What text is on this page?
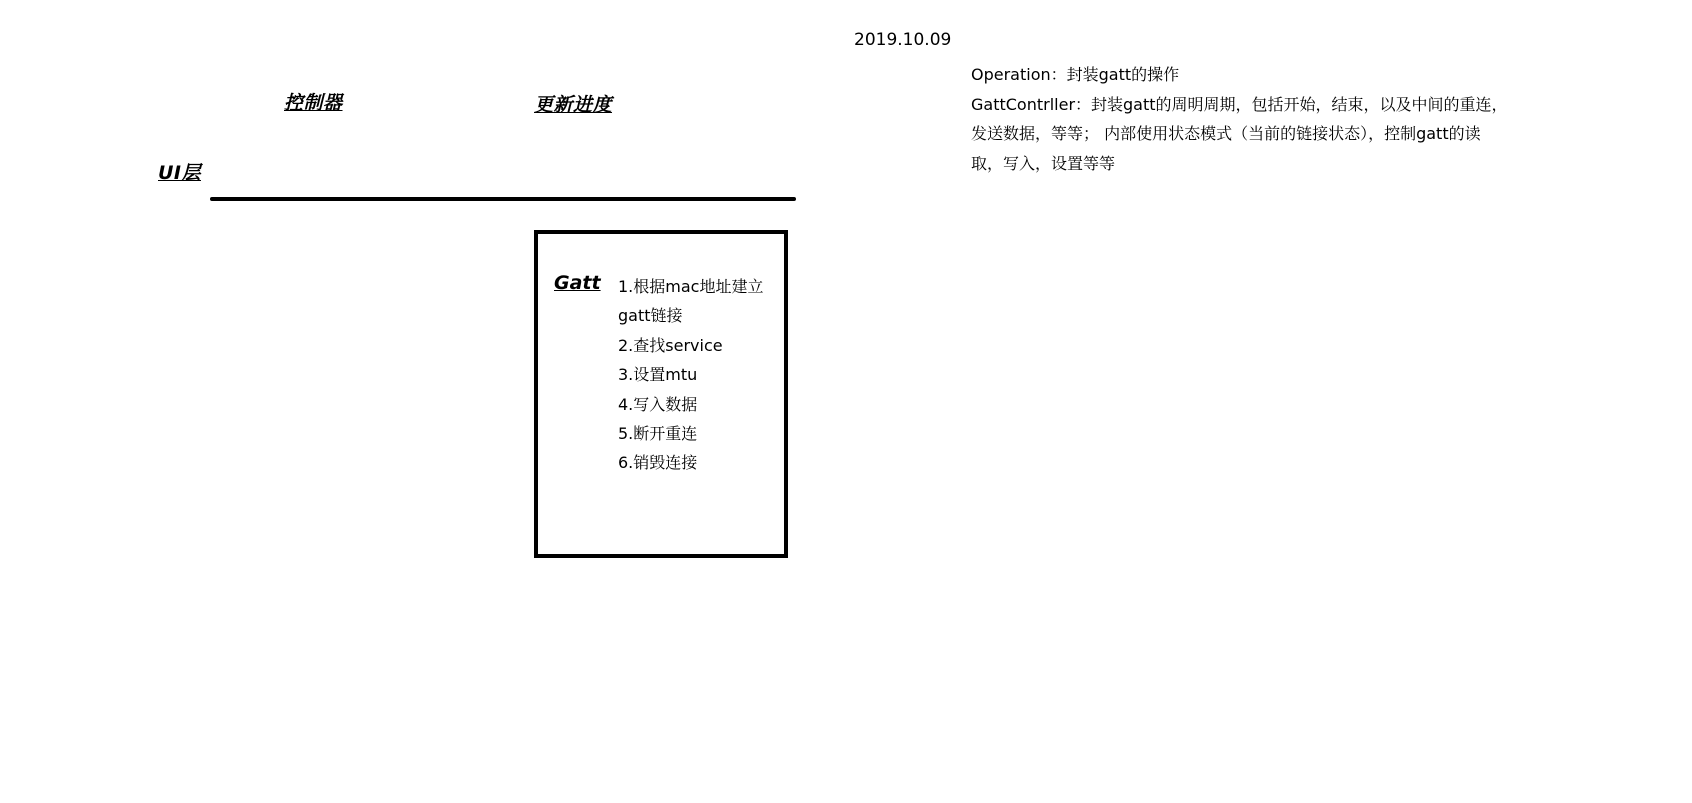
2019.10.09
控制器	更新进度
UI层
Gatt 1.根据mac地址建立
gatt链接
2.查找service
3.设置mtu
4.写入数据
5.断开重连
6.销毁连接

Operation：封装gatt的操作

GattContrller：封装gatt的周明周期，包括开始，结束，以及中间的重连，发送数据，等等； 内部使用状态模式（当前的链接状态），控制gatt的读取，写入，设置等等
